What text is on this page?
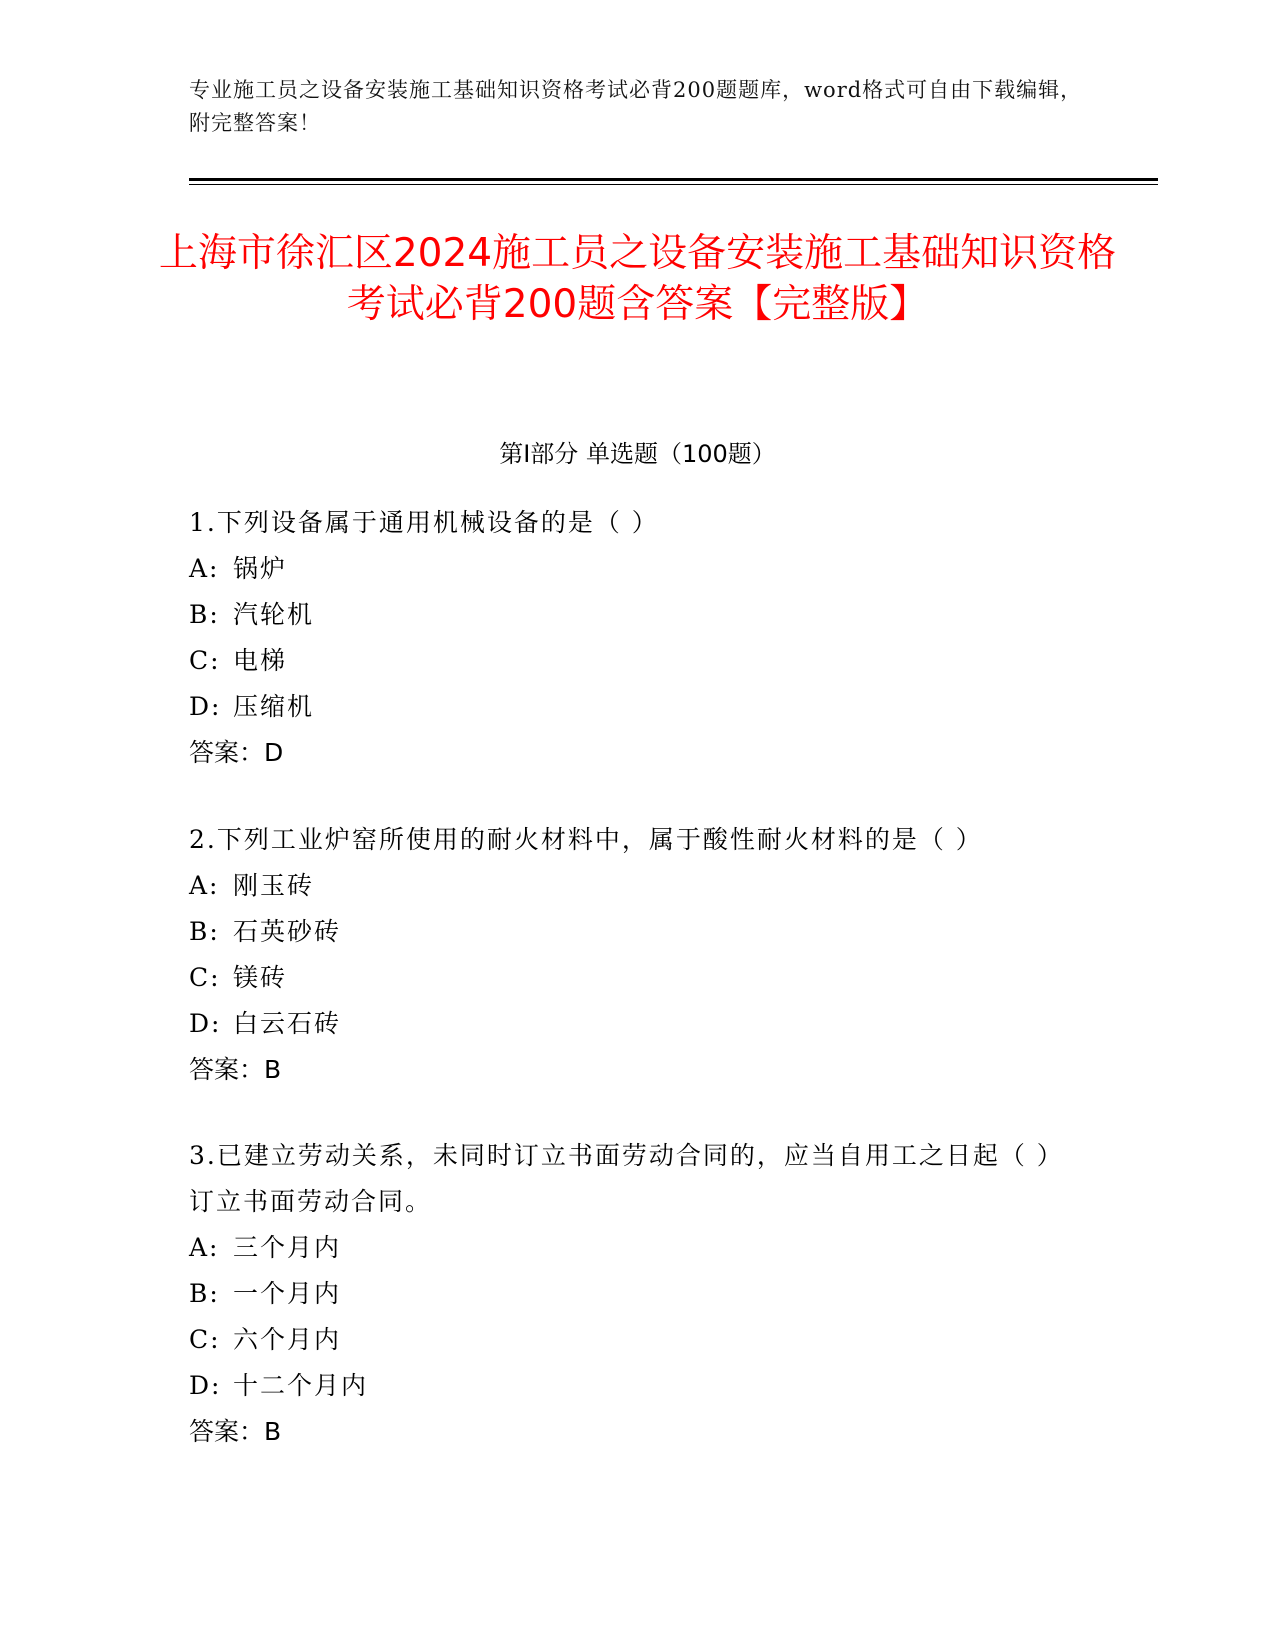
专业施工员之设备安装施工基础知识资格考试必背200题题库，word格式可自由下载编辑，附完整答案！
上海市徐汇区2024施工员之设备安装施工基础知识资格考试必背200题含答案【完整版】
第I部分 单选题（100题）

1.下列设备属于通用机械设备的是（ ）

A: 锅炉
B: 汽轮机
C: 电梯
D: 压缩机
答案：D

2.下列工业炉窑所使用的耐火材料中，属于酸性耐火材料的是（ ）

A: 刚玉砖
B: 石英砂砖
C: 镁砖
D: 白云石砖
答案：B

3.已建立劳动关系，未同时订立书面劳动合同的，应当自用工之日起（ ）订立书面劳动合同。

A: 三个月内
B: 一个月内
C: 六个月内
D: 十二个月内
答案：B
